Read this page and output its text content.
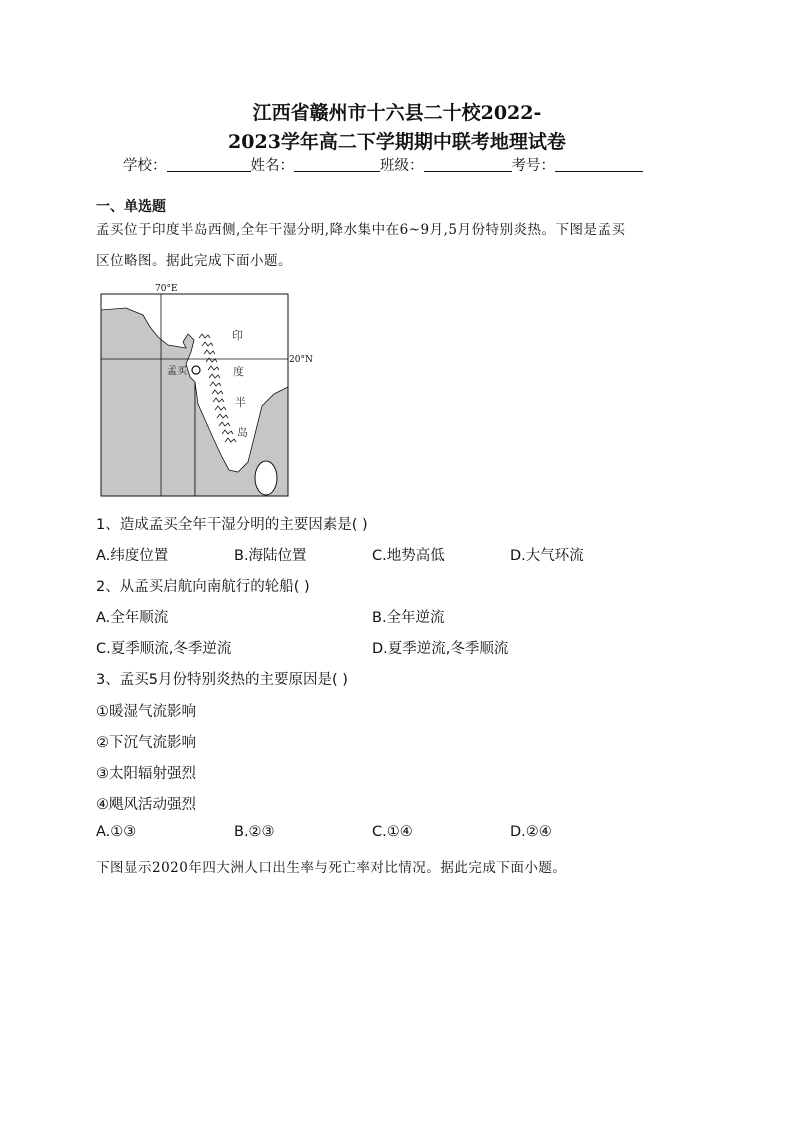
江西省赣州市十六县二十校2022-
2023学年高二下学期期中联考地理试卷
学校：	姓名：	班级：	考号：
一、单选题
孟买位于印度半岛西侧,全年干湿分明,降水集中在6~9月,5月份特别炎热。下图是孟买
区位略图。据此完成下面小题。
70°E
20°N
孟买
印
度
半
岛
1、造成孟买全年干湿分明的主要因素是( )
A.纬度位置	B.海陆位置	C.地势高低	D.大气环流
2、从孟买启航向南航行的轮船( )
A.全年顺流	B.全年逆流
C.夏季顺流,冬季逆流	D.夏季逆流,冬季顺流
3、孟买5月份特别炎热的主要原因是( )
①暖湿气流影响
②下沉气流影响
③太阳辐射强烈
④飓风活动强烈
A.①③	B.②③	C.①④	D.②④
下图显示2020年四大洲人口出生率与死亡率对比情况。据此完成下面小题。
